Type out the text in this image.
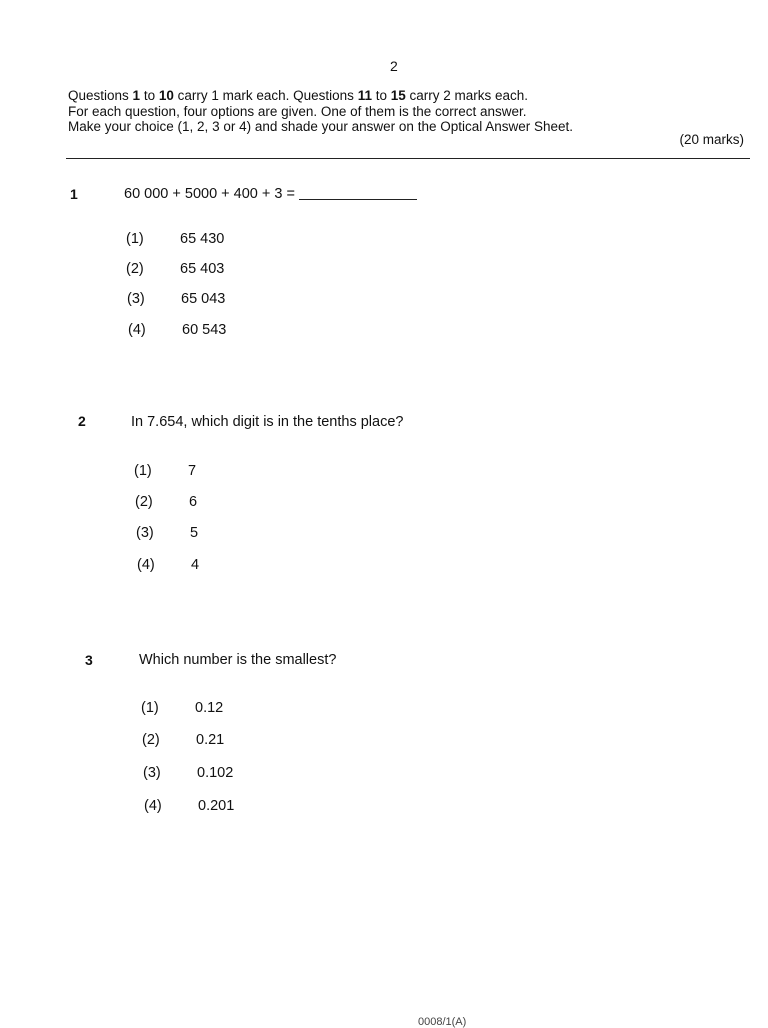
2
Questions 1 to 10 carry 1 mark each. Questions 11 to 15 carry 2 marks each.
For each question, four options are given. One of them is the correct answer.
Make your choice (1, 2, 3 or 4) and shade your answer on the Optical Answer Sheet.
(20 marks)
1	60 000 + 5000 + 400 + 3 =
(1)	65 430
(2)	65 403
(3)	65 043
(4)	60 543
2	In 7.654, which digit is in the tenths place?
(1)	7
(2)	6
(3)	5
(4)	4
3	Which number is the smallest?
(1)	0.12
(2)	0.21
(3)	0.102
(4)	0.201
0008/1(A)
